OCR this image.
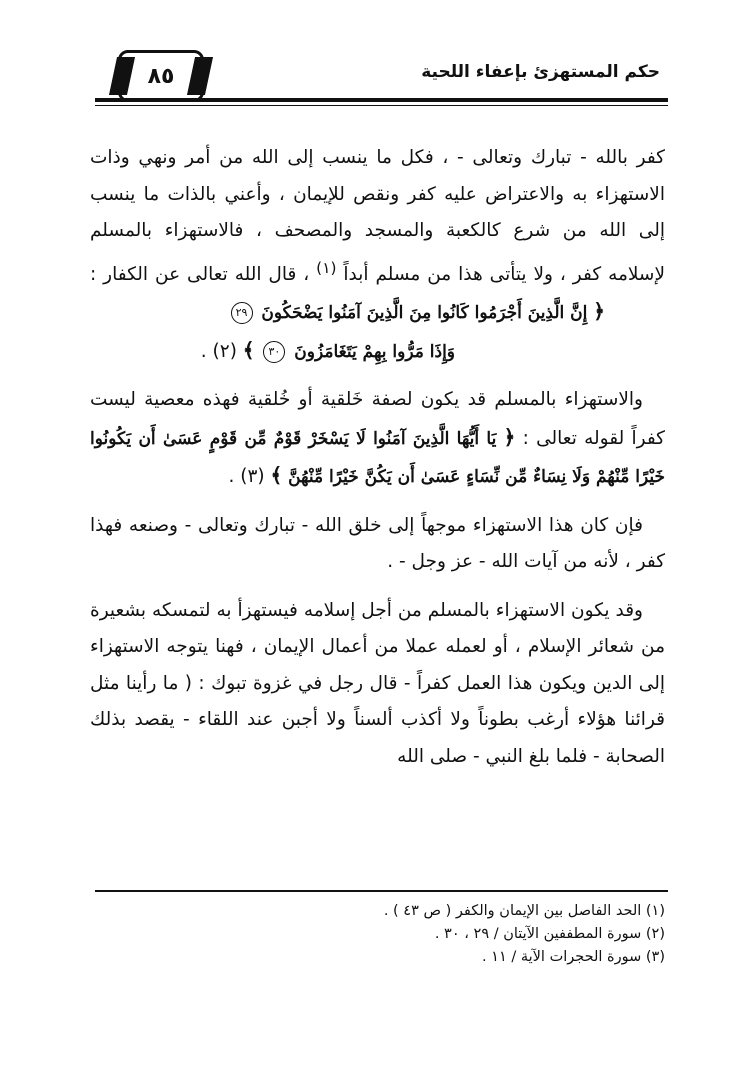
حكم المستهزئ بإعفاء اللحية
٨٥

كفر بالله - تبارك وتعالى - ، فكل ما ينسب إلى الله من أمر ونهي وذات الاستهزاء به والاعتراض عليه كفر ونقص للإيمان ، وأعني بالذات ما ينسب إلى الله من شرع كالكعبة والمسجد والمصحف ، فالاستهزاء بالمسلم لإسلامه كفر ، ولا يتأتى هذا من مسلم أبداً $^{(١)}$ ، قال الله تعالى عن الكفار : ﴿ إِنَّ الَّذِينَ أَجْرَمُوا كَانُوا مِنَ الَّذِينَ آمَنُوا يَضْحَكُونَ ٢٩
وَإِذَا مَرُّوا بِهِمْ يَتَغَامَزُونَ ٣٠ ﴾ (٢) .

والاستهزاء بالمسلم قد يكون لصفة خَلقية أو خُلقية فهذه معصية ليست كفراً لقوله تعالى : ﴿ يَا أَيُّهَا الَّذِينَ آمَنُوا لَا يَسْخَرْ قَوْمٌ مِّن قَوْمٍ عَسَىٰ أَن يَكُونُوا خَيْرًا مِّنْهُمْ وَلَا نِسَاءٌ مِّن نِّسَاءٍ عَسَىٰ أَن يَكُنَّ خَيْرًا مِّنْهُنَّ ﴾ (٣) .

فإن كان هذا الاستهزاء موجهاً إلى خلق الله - تبارك وتعالى - وصنعه فهذا كفر ، لأنه من آيات الله - عز وجل - .

وقد يكون الاستهزاء بالمسلم من أجل إسلامه فيستهزأ به لتمسكه بشعيرة من شعائر الإسلام ، أو لعمله عملا من أعمال الإيمان ، فهنا يتوجه الاستهزاء إلى الدين ويكون هذا العمل كفراً - قال رجل في غزوة تبوك : ( ما رأينا مثل قرائنا هؤلاء أرغب بطوناً ولا أكذب ألسناً ولا أجبن عند اللقاء - يقصد بذلك الصحابة - فلما بلغ النبي - صلى الله

(١) الحد الفاصل بين الإيمان والكفر ( ص ٤٣ ) .

(٢) سورة المطففين الآيتان / ٢٩ ، ٣٠ .

(٣) سورة الحجرات الآية / ١١ .
